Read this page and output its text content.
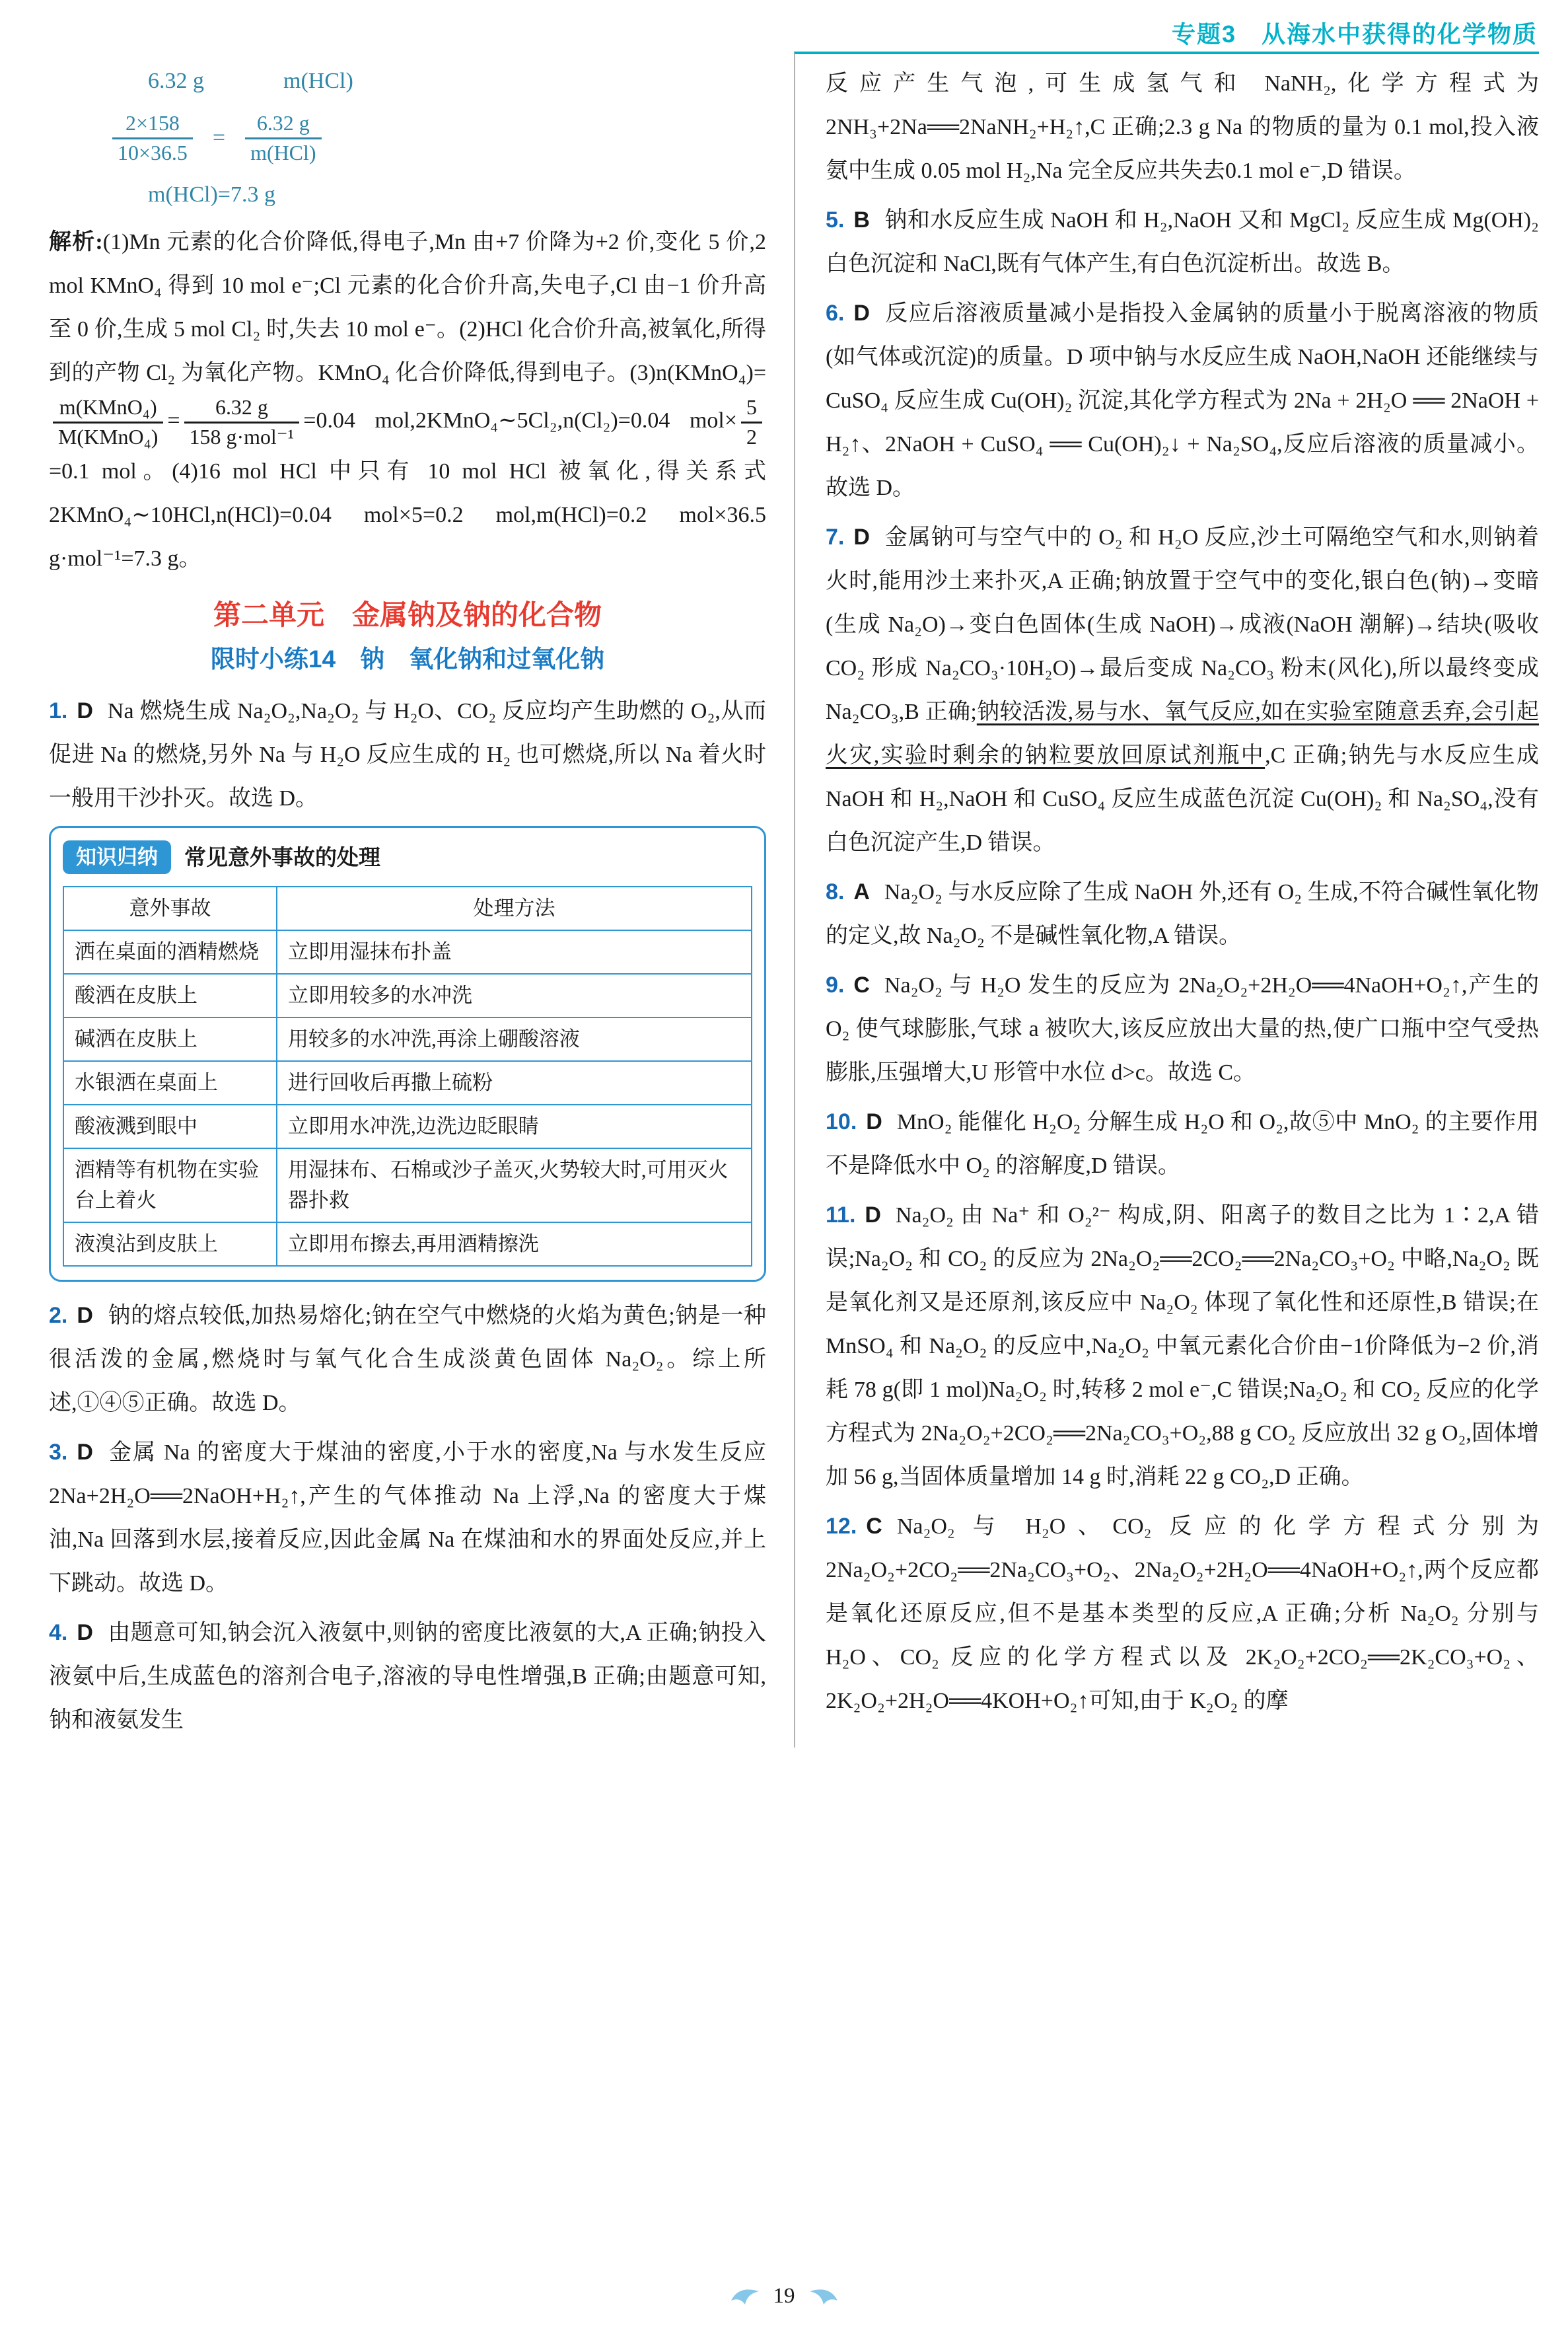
专题3　从海水中获得的化学物质
6.32 g	m(HCl)
$\frac{2\times 158}{10\times 36.5} = \frac{6.32 g}{\text{m(HCl)}}$
m(HCl)=7.3 g

解析:(1)Mn 元素的化合价降低,得电子,Mn 由+7 价降为+2 价,变化 5 价,2 mol KMnO₄ 得到 10 mol e⁻;Cl 元素的化合价升高,失电子,Cl 由−1 价升高至 0 价,生成 5 mol Cl₂ 时,失去 10 mol e⁻。(2)HCl 化合价升高,被氧化,所得到的产物 Cl₂ 为氧化产物。KMnO₄ 化合价降低,得到电子。(3)n(KMnO₄)=
$\frac{\text{m(KMnO₄)}}{\text{M(KMnO₄)}} = \frac{6.32 g}{\text{158 g·mol⁻¹}} =0.04$ mol,2KMnO₄∼5Cl₂,n(Cl₂)=0.04 $mol\times \frac{5}{2}$
=0.1 mol。(4)16 mol HCl 中只有 10 mol HCl 被氧化,得关系式 2KMnO₄∼10HCl,n(HCl)=0.04 mol×5=0.2 mol,m(HCl)=0.2 mol×36.5 g·mol⁻¹=7.3 g。

第二单元　金属钠及钠的化合物
限时小练14　钠　氧化钠和过氧化钠

1. D Na 燃烧生成 Na₂O₂,Na₂O₂ 与 H₂O、CO₂ 反应均产生助燃的 O₂,从而促进 Na 的燃烧,另外 Na 与 H₂O 反应生成的 H₂ 也可燃烧,所以 Na 着火时一般用干沙扑灭。故选 D。

知识归纳	常见意外事故的处理
意外事故	处理方法
洒在桌面的酒精燃烧	立即用湿抹布扑盖
酸洒在皮肤上	立即用较多的水冲洗
碱洒在皮肤上	用较多的水冲洗,再涂上硼酸溶液
水银洒在桌面上	进行回收后再撒上硫粉
酸液溅到眼中	立即用水冲洗,边洗边眨眼睛
酒精等有机物在实验台上着火	用湿抹布、石棉或沙子盖灭,火势较大时,可用灭火器扑救
液溴沾到皮肤上	立即用布擦去,再用酒精擦洗

2. D 钠的熔点较低,加热易熔化;钠在空气中燃烧的火焰为黄色;钠是一种很活泼的金属,燃烧时与氧气化合生成淡黄色固体 Na₂O₂。综上所述,①④⑤正确。故选 D。

3. D 金属 Na 的密度大于煤油的密度,小于水的密度,Na 与水发生反应 2Na+2H₂O══2NaOH+H₂↑,产生的气体推动 Na 上浮,Na 的密度大于煤油,Na 回落到水层,接着反应,因此金属 Na 在煤油和水的界面处反应,并上下跳动。故选 D。

4. D 由题意可知,钠会沉入液氨中,则钠的密度比液氨的大,A 正确;钠投入液氨中后,生成蓝色的溶剂合电子,溶液的导电性增强,B 正确;由题意可知,钠和液氨发生

反应产生气泡,可生成氢气和 NaNH₂,化学方程式为 2NH₃+2Na══2NaNH₂+H₂↑,C 正确;2.3 g Na 的物质的量为 0.1 mol,投入液氨中生成 0.05 mol H₂,Na 完全反应共失去0.1 mol e⁻,D 错误。

5. B 钠和水反应生成 NaOH 和 H₂,NaOH 又和 MgCl₂ 反应生成 Mg(OH)₂ 白色沉淀和 NaCl,既有气体产生,有白色沉淀析出。故选 B。

6. D 反应后溶液质量减小是指投入金属钠的质量小于脱离溶液的物质(如气体或沉淀)的质量。D 项中钠与水反应生成 NaOH,NaOH 还能继续与 CuSO₄ 反应生成 Cu(OH)₂ 沉淀,其化学方程式为 2Na + 2H₂O ══ 2NaOH + H₂↑、2NaOH + CuSO₄ ══ Cu(OH)₂↓ + Na₂SO₄,反应后溶液的质量减小。故选 D。

7. D 金属钠可与空气中的 O₂ 和 H₂O 反应,沙土可隔绝空气和水,则钠着火时,能用沙土来扑灭,A 正确;钠放置于空气中的变化,银白色(钠)→变暗(生成 Na₂O)→变白色固体(生成 NaOH)→成液(NaOH 潮解)→结块(吸收 CO₂ 形成 Na₂CO₃·10H₂O)→最后变成 Na₂CO₃ 粉末(风化),所以最终变成 Na₂CO₃,B 正确;钠较活泼,易与水、氧气反应,如在实验室随意丢弃,会引起火灾,实验时剩余的钠粒要放回原试剂瓶中,C 正确;钠先与水反应生成 NaOH 和 H₂,NaOH 和 CuSO₄ 反应生成蓝色沉淀 Cu(OH)₂ 和 Na₂SO₄,没有白色沉淀产生,D 错误。

8. A Na₂O₂ 与水反应除了生成 NaOH 外,还有 O₂ 生成,不符合碱性氧化物的定义,故 Na₂O₂ 不是碱性氧化物,A 错误。

9. C Na₂O₂ 与 H₂O 发生的反应为 2Na₂O₂+2H₂O══4NaOH+O₂↑,产生的 O₂ 使气球膨胀,气球 a 被吹大,该反应放出大量的热,使广口瓶中空气受热膨胀,压强增大,U 形管中水位 d>c。故选 C。

10. D MnO₂ 能催化 H₂O₂ 分解生成 H₂O 和 O₂,故⑤中 MnO₂ 的主要作用不是降低水中 O₂ 的溶解度,D 错误。

11. D Na₂O₂ 由 Na⁺ 和 O₂²⁻ 构成,阴、阳离子的数目之比为 1∶2,A 错误;Na₂O₂ 和 CO₂ 的反应为 2Na₂O₂══2CO₂══2Na₂CO₃+O₂ 中略,Na₂O₂ 既是氧化剂又是还原剂,该反应中 Na₂O₂ 体现了氧化性和还原性,B 错误;在 MnSO₄ 和 Na₂O₂ 的反应中,Na₂O₂ 中氧元素化合价由−1价降低为−2 价,消耗 78 g(即 1 mol)Na₂O₂ 时,转移 2 mol e⁻,C 错误;Na₂O₂ 和 CO₂ 反应的化学方程式为 2Na₂O₂+2CO₂══2Na₂CO₃+O₂,88 g CO₂ 反应放出 32 g O₂,固体增加 56 g,当固体质量增加 14 g 时,消耗 22 g CO₂,D 正确。

12. C Na₂O₂ 与 H₂O、CO₂ 反应的化学方程式分别为 2Na₂O₂+2CO₂══2Na₂CO₃+O₂、2Na₂O₂+2H₂O══4NaOH+O₂↑,两个反应都是氧化还原反应,但不是基本类型的反应,A 正确;分析 Na₂O₂ 分别与 H₂O、CO₂ 反应的化学方程式以及 2K₂O₂+2CO₂══2K₂CO₃+O₂、2K₂O₂+2H₂O══4KOH+O₂↑可知,由于 K₂O₂ 的摩

19
